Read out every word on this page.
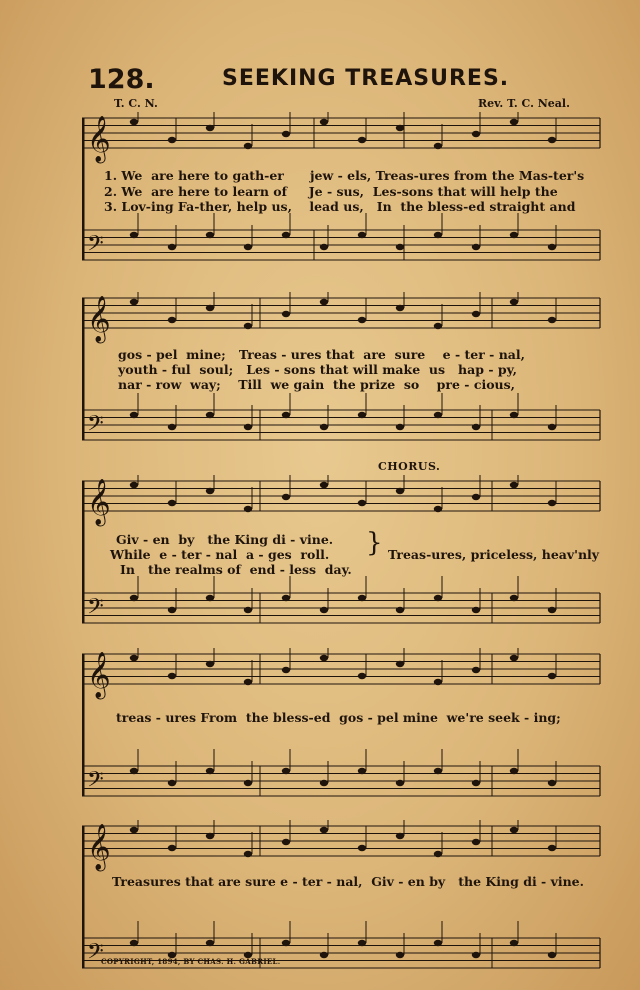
128.	SEEKING TREASURES.
T. C. N.	Rev. T. C. Neal.
𝄞
𝄢
1. We  are here to gath-er      jew - els, Treas-ures from the Mas-ter's
2. We  are here to learn of     Je - sus,  Les-sons that will help the
3. Lov-ing Fa-ther, help us,    lead us,   In  the bless-ed straight and
𝄞
𝄢
gos - pel  mine;   Treas - ures that  are  sure    e - ter - nal,
youth - ful  soul;   Les - sons that will make  us   hap - py,
nar - row  way;    Till  we gain  the prize  so    pre - cious,
CHORUS.
𝄞
𝄢
Giv - en  by   the King di - vine.
While  e - ter - nal  a - ges  roll.
In   the realms of  end - less  day.
} Treas-ures, priceless, heav'nly
𝄞
𝄢
treas - ures From  the bless-ed  gos - pel mine  we're seek - ing;
𝄞
𝄢
Treasures that are sure e - ter - nal,  Giv - en by   the King di - vine.
COPYRIGHT, 1894, BY CHAS. H. GABRIEL.
